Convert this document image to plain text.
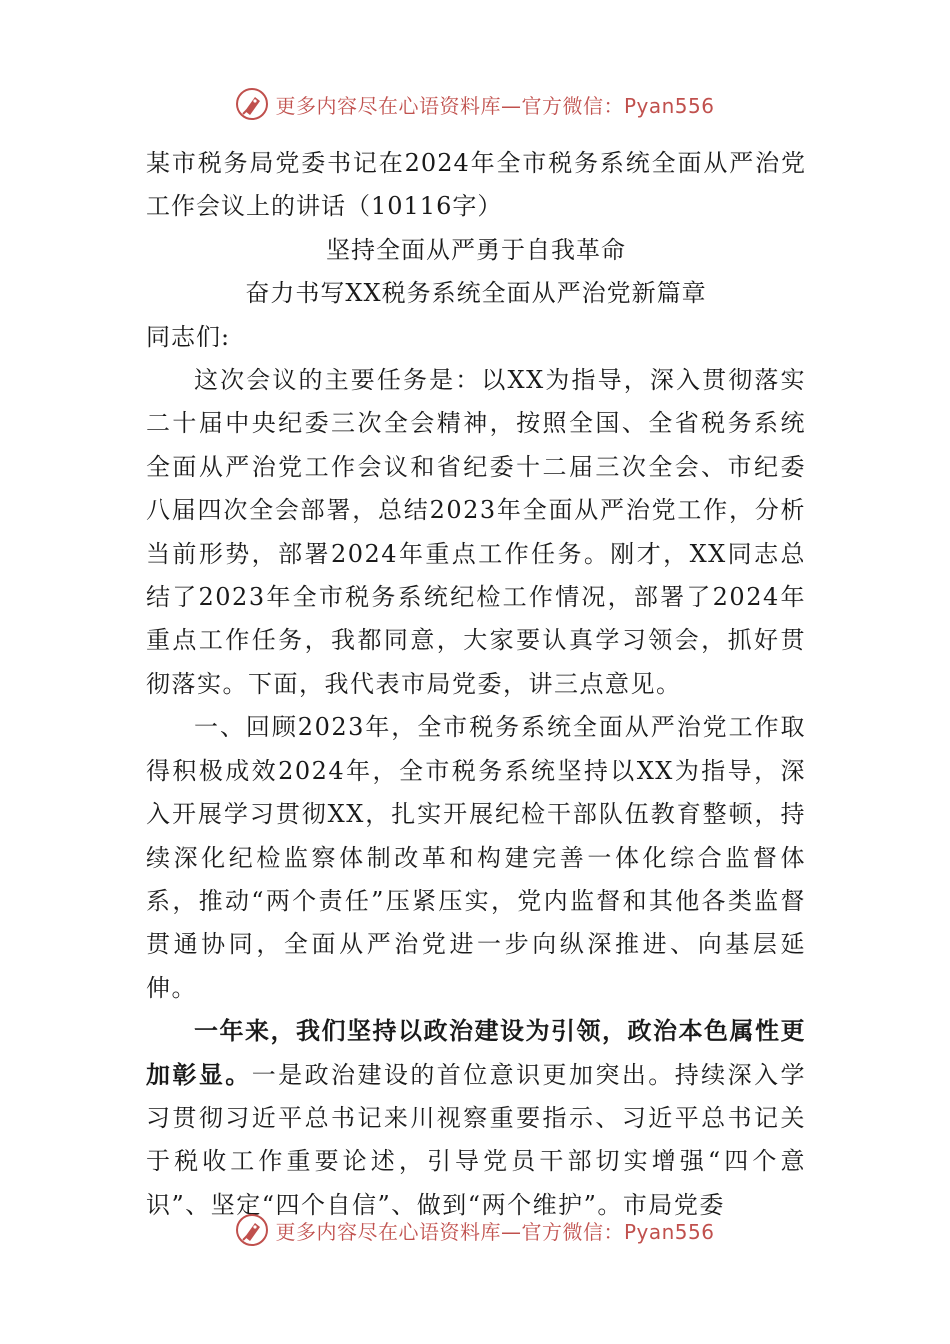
更多内容尽在心语资料库—官方微信：Pyan556

某市税务局党委书记在2024年全市税务系统全面从严治党工作会议上的讲话（10116字）

坚持全面从严勇于自我革命

奋力书写XX税务系统全面从严治党新篇章

同志们:

这次会议的主要任务是：以XX为指导，深入贯彻落实二十届中央纪委三次全会精神，按照全国、全省税务系统全面从严治党工作会议和省纪委十二届三次全会、市纪委八届四次全会部署，总结2023年全面从严治党工作，分析当前形势，部署2024年重点工作任务。刚才，XX同志总结了2023年全市税务系统纪检工作情况，部署了2024年重点工作任务，我都同意，大家要认真学习领会，抓好贯彻落实。下面，我代表市局党委，讲三点意见。

一、回顾2023年，全市税务系统全面从严治党工作取得积极成效2024年，全市税务系统坚持以XX为指导，深入开展学习贯彻XX，扎实开展纪检干部队伍教育整顿，持续深化纪检监察体制改革和构建完善一体化综合监督体系，推动“两个责任”压紧压实，党内监督和其他各类监督贯通协同，全面从严治党进一步向纵深推进、向基层延伸。

一年来，我们坚持以政治建设为引领，政治本色属性更加彰显。一是政治建设的首位意识更加突出。持续深入学习贯彻习近平总书记来川视察重要指示、习近平总书记关于税收工作重要论述，引导党员干部切实增强“四个意识”、坚定“四个自信”、做到“两个维护”。市局党委

更多内容尽在心语资料库—官方微信：Pyan556
